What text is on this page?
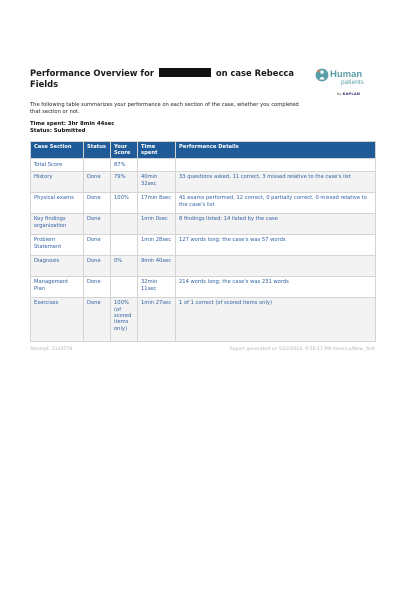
Performance Overview for	on case Rebecca Fields
Human
patients
by KAPLAN

The following table summarizes your performance on each section of the case, whether you completed that section or not.

Time spent: 3hr 8min 44sec
Status: Submitted
Case Section	Status	Your Score	Time spent	Performance Details
Total Score		87%		
History	Done	79%	40min 32sec	33 questions asked, 11 correct, 3 missed relative to the case's list
Physical exams	Done	100%	17min 8sec	41 exams performed, 12 correct, 0 partially correct, 0 missed relative to the case's list
Key findings organization	Done		1min 0sec	8 findings listed; 14 listed by the case
Problem Statement	Done		1min 28sec	127 words long; the case's was 57 words
Diagnosis	Done	0%	9min 40sec	
Management Plan	Done		32min 11sec	214 words long; the case's was 231 words
Exercises	Done	100% (of scored items only)	1min 27sec	1 of 1 correct (of scored items only)
Attempt: 3144778	Report generated on 5/22/2024, 9:50:17 PM America/New_York
